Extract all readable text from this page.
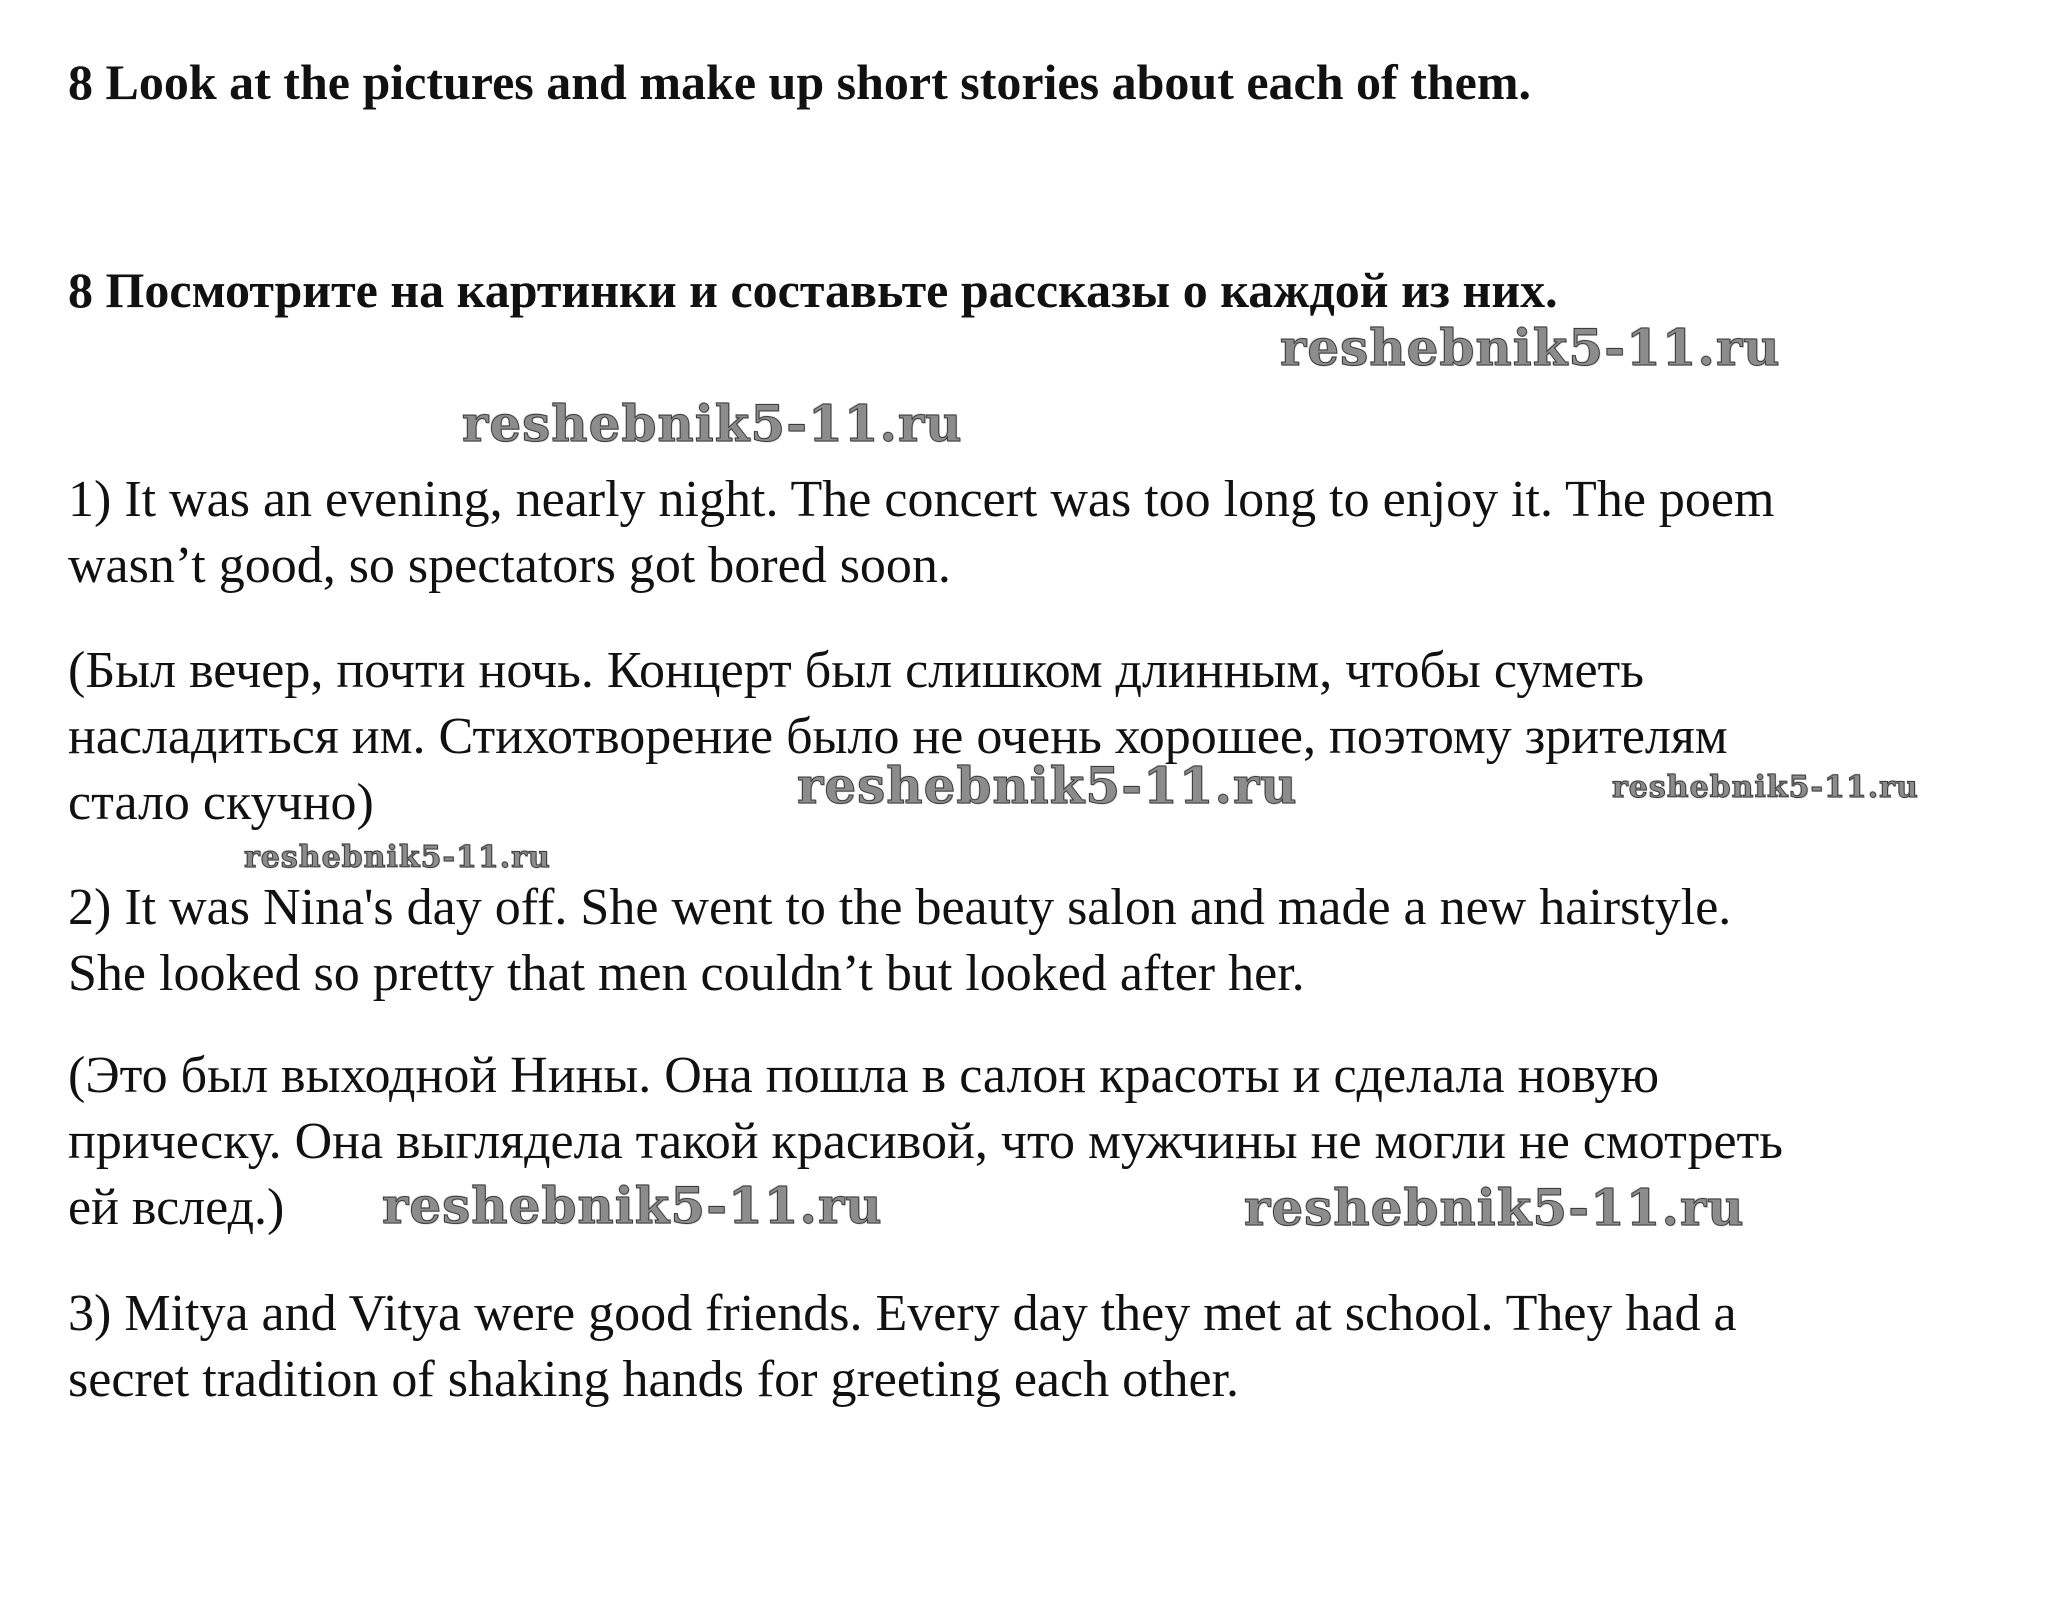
8 Look at the pictures and make up short stories about each of them.
8 Посмотрите на картинки и составьте рассказы о каждой из них.

1) It was an evening, nearly night. The concert was too long to enjoy it. The poem
wasn’t good, so spectators got bored soon.

(Был вечер, почти ночь. Концерт был слишком длинным, чтобы суметь
насладиться им. Стихотворение было не очень хорошее, поэтому зрителям
стало скучно)

2) It was Nina's day off. She went to the beauty salon and made a new hairstyle.
She looked so pretty that men couldn’t but looked after her.

(Это был выходной Нины. Она пошла в салон красоты и сделала новую
прическу. Она выглядела такой красивой, что мужчины не могли не смотреть
ей вслед.)

3) Mitya and Vitya were good friends. Every day they met at school. They had a
secret tradition of shaking hands for greeting each other.

reshebnik5-11.ru
reshebnik5-11.ru
reshebnik5-11.ru	reshebnik5-11.ru
reshebnik5-11.ru
reshebnik5-11.ru	reshebnik5-11.ru
